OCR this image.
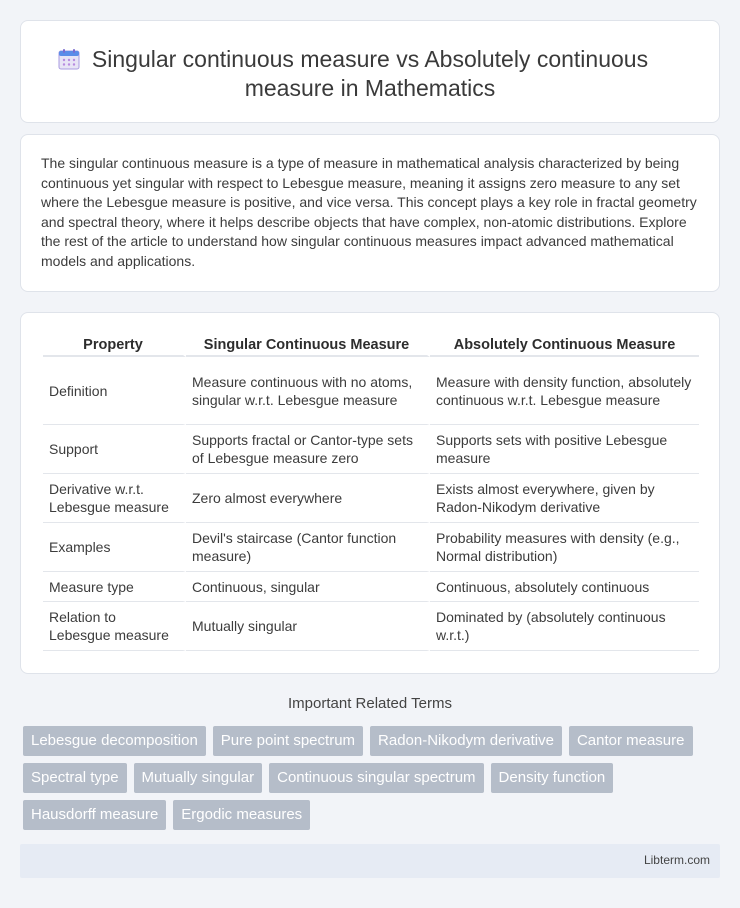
Singular continuous measure vs Absolutely continuous measure in Mathematics

The singular continuous measure is a type of measure in mathematical analysis characterized by being continuous yet singular with respect to Lebesgue measure, meaning it assigns zero measure to any set where the Lebesgue measure is positive, and vice versa. This concept plays a key role in fractal geometry and spectral theory, where it helps describe objects that have complex, non-atomic distributions. Explore the rest of the article to understand how singular continuous measures impact advanced mathematical models and applications.

Property	Singular Continuous Measure	Absolutely Continuous Measure
Definition	Measure continuous with no atoms, singular w.r.t. Lebesgue measure	Measure with density function, absolutely continuous w.r.t. Lebesgue measure
Support	Supports fractal or Cantor-type sets of Lebesgue measure zero	Supports sets with positive Lebesgue measure
Derivative w.r.t. Lebesgue measure	Zero almost everywhere	Exists almost everywhere, given by Radon-Nikodym derivative
Examples	Devil's staircase (Cantor function measure)	Probability measures with density (e.g., Normal distribution)
Measure type	Continuous, singular	Continuous, absolutely continuous
Relation to Lebesgue measure	Mutually singular	Dominated by (absolutely continuous w.r.t.)
Important Related Terms
Lebesgue decomposition	Pure point spectrum	Radon-Nikodym derivative	Cantor measure
Spectral type	Mutually singular	Continuous singular spectrum	Density function
Hausdorff measure	Ergodic measures
Libterm.com
